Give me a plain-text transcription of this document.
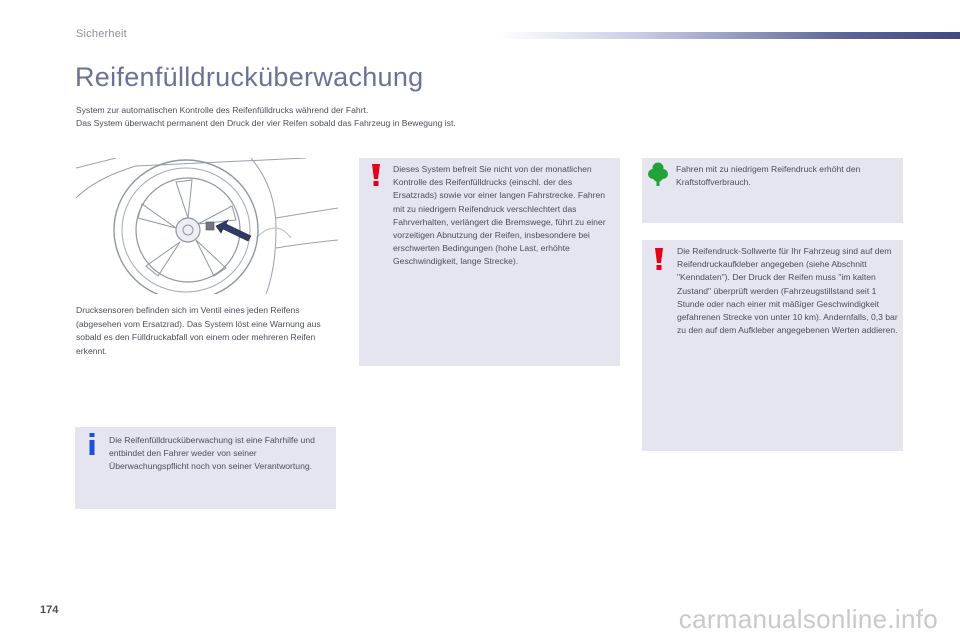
Sicherheit
Reifenfülldrucküberwachung
System zur automatischen Kontrolle des Reifenfülldrucks während der Fahrt.
Das System überwacht permanent den Druck der vier Reifen sobald das Fahrzeug in Bewegung ist.
Drucksensoren befinden sich im Ventil eines jeden Reifens (abgesehen vom Ersatzrad). Das System löst eine Warnung aus sobald es den Fülldruckabfall von einem oder mehreren Reifen erkennt.
Die Reifenfülldrucküberwachung ist eine Fahrhilfe und entbindet den Fahrer weder von seiner Überwachungspflicht noch von seiner Verantwortung.
Dieses System befreit Sie nicht von der monatlichen Kontrolle des Reifenfülldrucks (einschl. der des Ersatzrads) sowie vor einer langen Fahrstrecke. Fahren mit zu niedrigem Reifendruck verschlechtert das Fahrverhalten, verlängert die Bremswege, führt zu einer vorzeitigen Abnutzung der Reifen, insbesondere bei erschwerten Bedingungen (hohe Last, erhöhte Geschwindigkeit, lange Strecke).
Fahren mit zu niedrigem Reifendruck erhöht den Kraftstoffverbrauch.
Die Reifendruck-Sollwerte für Ihr Fahrzeug sind auf dem Reifendruckaufkleber angegeben (siehe Abschnitt "Kenndaten"). Der Druck der Reifen muss "im kalten Zustand" überprüft werden (Fahrzeugstillstand seit 1 Stunde oder nach einer mit mäßiger Geschwindigkeit gefahrenen Strecke von unter 10 km). Andernfalls, 0,3 bar zu den auf dem Aufkleber angegebenen Werten addieren.
174	carmanualsonline.info
